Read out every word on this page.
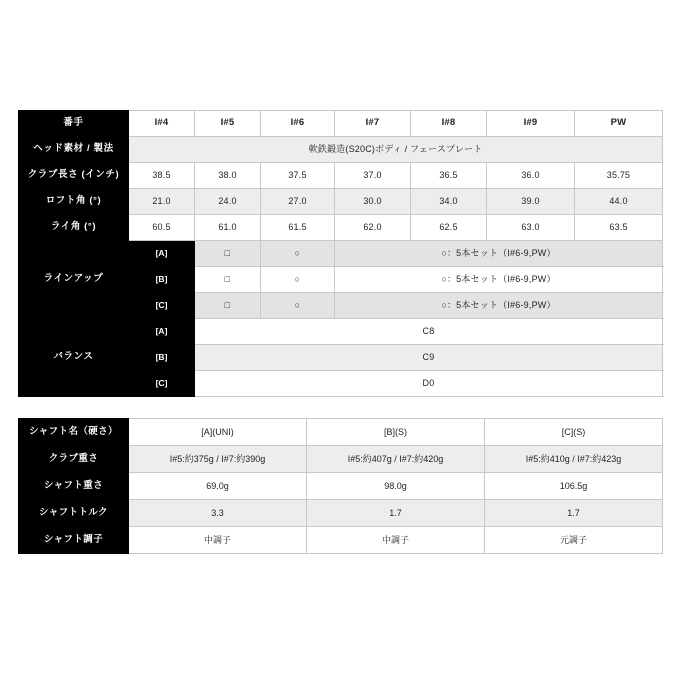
番手	I#4	I#5	I#6	I#7	I#8	I#9	PW
ヘッド素材 / 製法	軟鉄鍛造(S20C)ボディ / フェースプレート						
クラブ長さ (インチ)	38.5	38.0	37.5	37.0	36.5	36.0	35.75
ロフト角 (°)	21.0	24.0	27.0	30.0	34.0	39.0	44.0
ライ角 (°)	60.5	61.0	61.5	62.0	62.5	63.0	63.5
ラインアップ	[A]	□	○	○：5本セット（I#6-9,PW）			
	[B]	□	○	○：5本セット（I#6-9,PW）			
	[C]	□	○	○：5本セット（I#6-9,PW）			
バランス	[A]	C8					
	[B]	C9					
	[C]	D0					
シャフト名（硬さ）	[A](UNI)	[B](S)	[C](S)
クラブ重さ	I#5:約375g / I#7:約390g	I#5:約407g / I#7:約420g	I#5:約410g / I#7:約423g
シャフト重さ	69.0g	98.0g	106.5g
シャフトトルク	3.3	1.7	1.7
シャフト調子	中調子	中調子	元調子
